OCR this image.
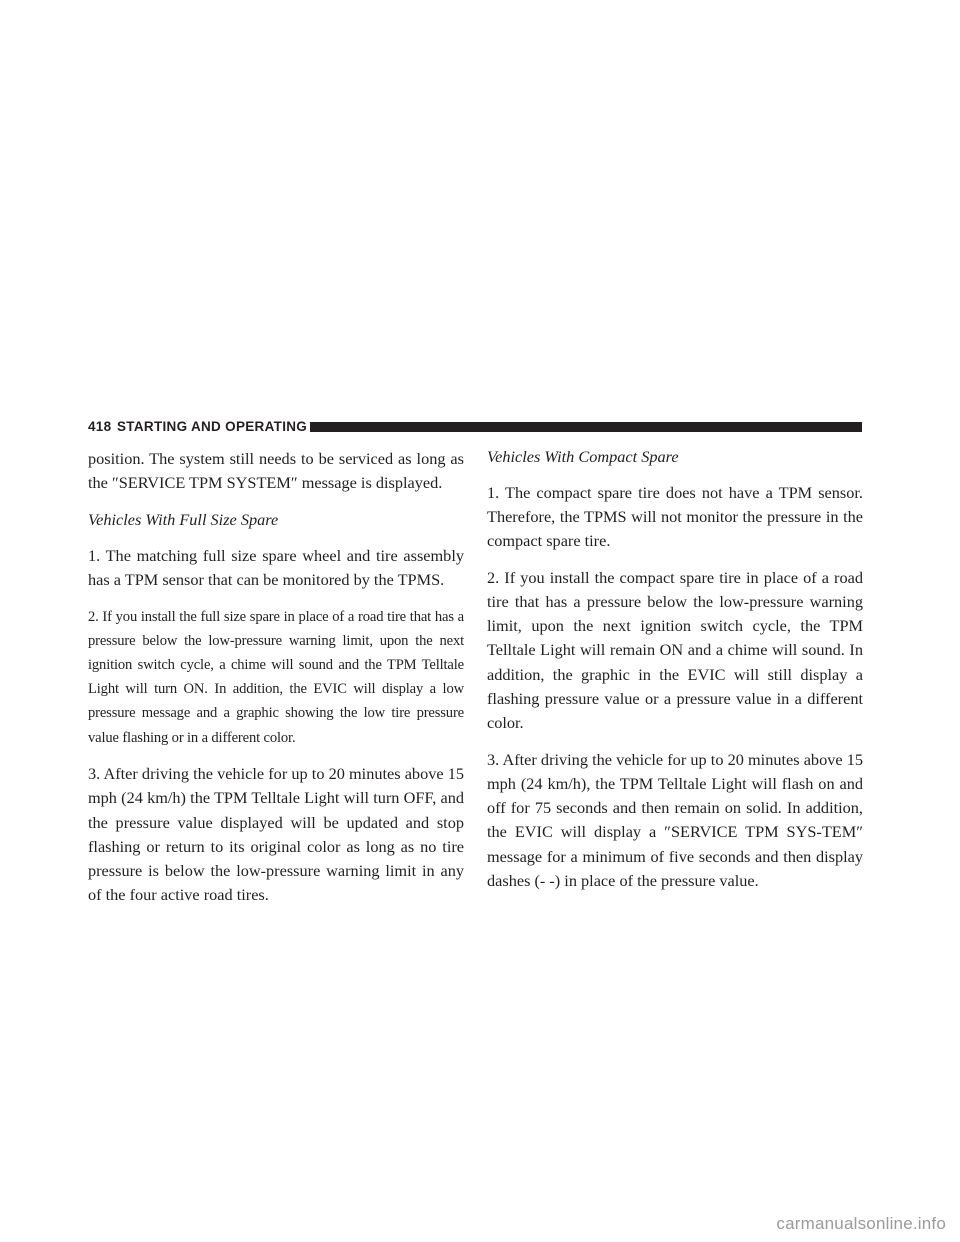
418 STARTING AND OPERATING

position. The system still needs to be serviced as long as the ″SERVICE TPM SYSTEM″ message is displayed.

Vehicles With Full Size Spare

1. The matching full size spare wheel and tire assembly has a TPM sensor that can be monitored by the TPMS.

2. If you install the full size spare in place of a road tire that has a pressure below the low-pressure warning limit, upon the next ignition switch cycle, a chime will sound and the TPM Telltale Light will turn ON. In addition, the EVIC will display a low pressure message and a graphic showing the low tire pressure value flashing or in a different color.

3. After driving the vehicle for up to 20 minutes above 15 mph (24 km/h) the TPM Telltale Light will turn OFF, and the pressure value displayed will be updated and stop flashing or return to its original color as long as no tire pressure is below the low-pressure warning limit in any of the four active road tires.

Vehicles With Compact Spare

1. The compact spare tire does not have a TPM sensor. Therefore, the TPMS will not monitor the pressure in the compact spare tire.

2. If you install the compact spare tire in place of a road tire that has a pressure below the low-pressure warning limit, upon the next ignition switch cycle, the TPM Telltale Light will remain ON and a chime will sound. In addition, the graphic in the EVIC will still display a flashing pressure value or a pressure value in a different color.

3. After driving the vehicle for up to 20 minutes above 15 mph (24 km/h), the TPM Telltale Light will flash on and off for 75 seconds and then remain on solid. In addition, the EVIC will display a ″SERVICE TPM SYS-TEM″ message for a minimum of five seconds and then display dashes (- -) in place of the pressure value.

carmanualsonline.info
